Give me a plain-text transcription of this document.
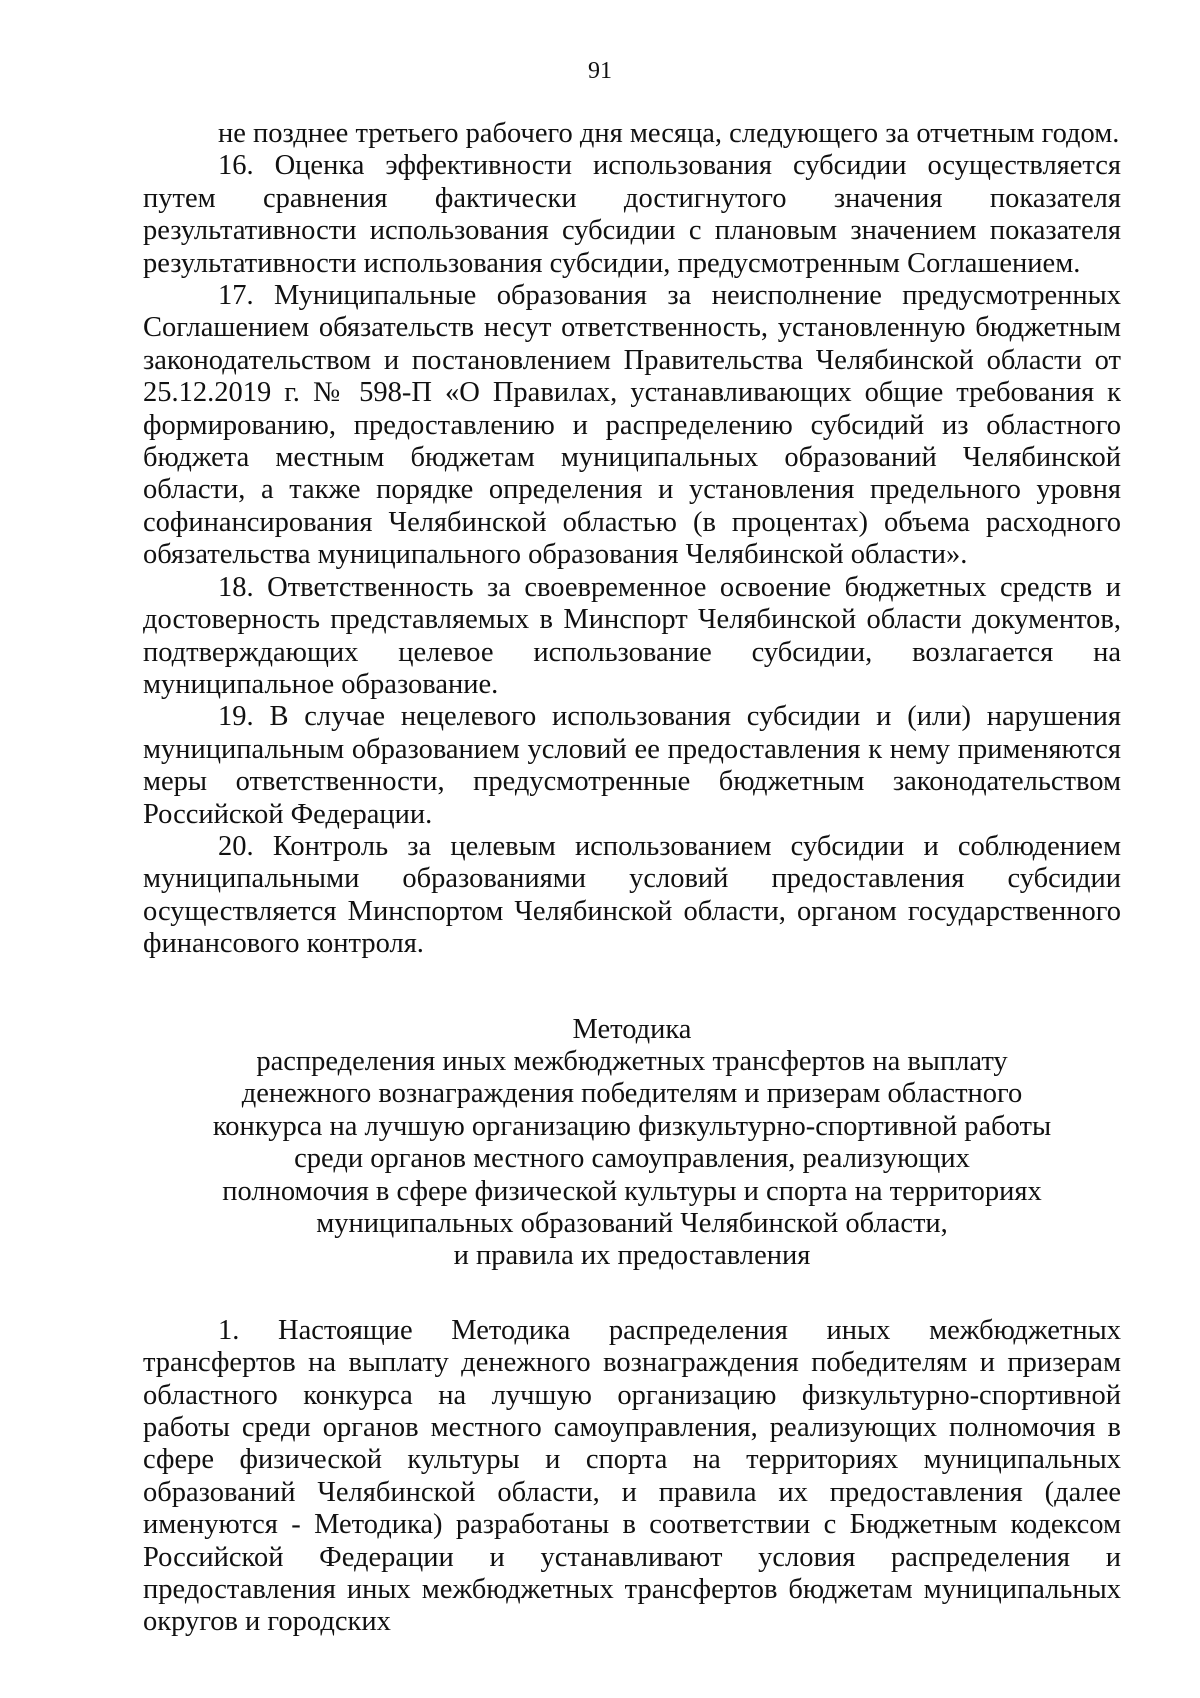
91

не позднее третьего рабочего дня месяца, следующего за отчетным годом.

16. Оценка эффективности использования субсидии осуществляется путем сравнения фактически достигнутого значения показателя результативности использования субсидии с плановым значением показателя результативности использования субсидии, предусмотренным Соглашением.

17. Муниципальные образования за неисполнение предусмотренных Соглашением обязательств несут ответственность, установленную бюджетным законодательством и постановлением Правительства Челябинской области от 25.12.2019 г. № 598-П «О Правилах, устанавливающих общие требования к формированию, предоставлению и распределению субсидий из областного бюджета местным бюджетам муниципальных образований Челябинской области, а также порядке определения и установления предельного уровня софинансирования Челябинской областью (в процентах) объема расходного обязательства муниципального образования Челябинской области».

18. Ответственность за своевременное освоение бюджетных средств и достоверность представляемых в Минспорт Челябинской области документов, подтверждающих целевое использование субсидии, возлагается на муниципальное образование.

19. В случае нецелевого использования субсидии и (или) нарушения муниципальным образованием условий ее предоставления к нему применяются меры ответственности, предусмотренные бюджетным законодательством Российской Федерации.

20. Контроль за целевым использованием субсидии и соблюдением муниципальными образованиями условий предоставления субсидии осуществляется Минспортом Челябинской области, органом государственного финансового контроля.

Методика
распределения иных межбюджетных трансфертов на выплату
денежного вознаграждения победителям и призерам областного
конкурса на лучшую организацию физкультурно-спортивной работы
среди органов местного самоуправления, реализующих
полномочия в сфере физической культуры и спорта на территориях
муниципальных образований Челябинской области,
и правила их предоставления

1. Настоящие Методика распределения иных межбюджетных трансфертов на выплату денежного вознаграждения победителям и призерам областного конкурса на лучшую организацию физкультурно-спортивной работы среди органов местного самоуправления, реализующих полномочия в сфере физической культуры и спорта на территориях муниципальных образований Челябинской области, и правила их предоставления (далее именуются - Методика) разработаны в соответствии с Бюджетным кодексом Российской Федерации и устанавливают условия распределения и предоставления иных межбюджетных трансфертов бюджетам муниципальных округов и городских
